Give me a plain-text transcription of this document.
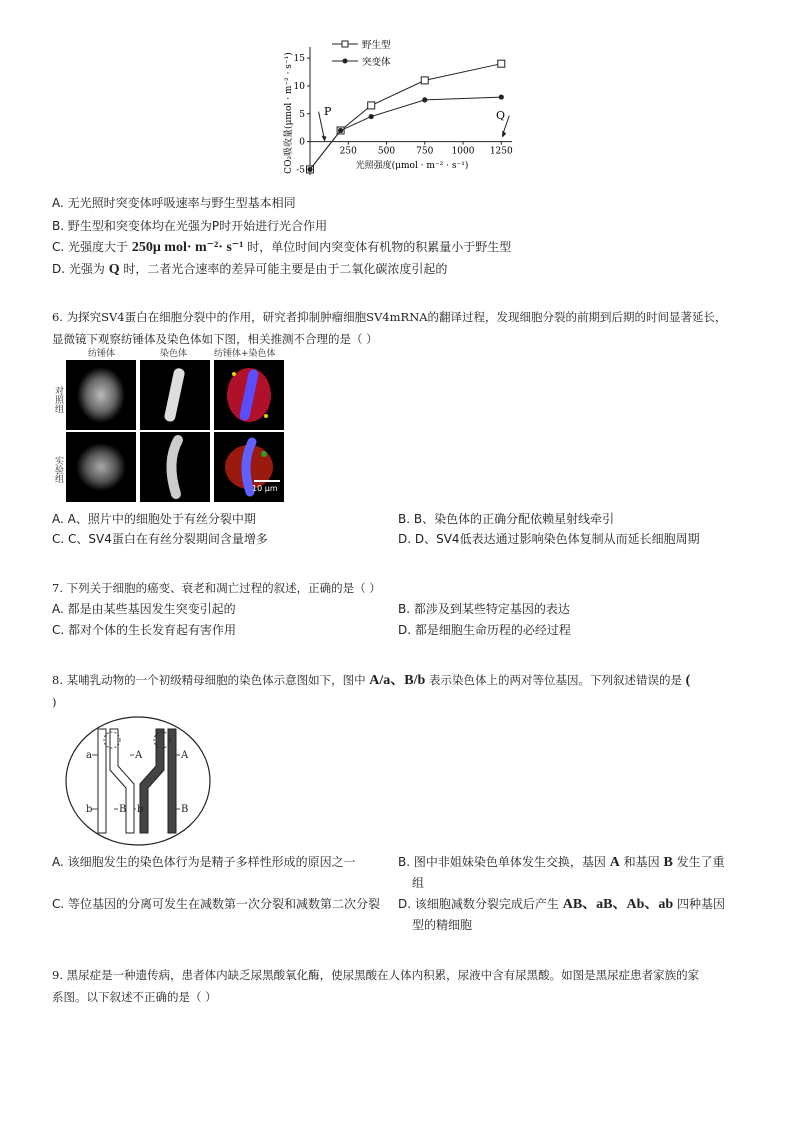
15
10
5
0
-5
250 500 750 1000 1250
CO₂吸收量(μmol · m⁻² · s⁻¹)	光照强度(μmol · m⁻² · s⁻¹)
P	Q
野生型
突变体
A. 无光照时突变体呼吸速率与野生型基本相同
B. 野生型和突变体均在光强为P时开始进行光合作用
C. 光强度大于 250μ mol· m⁻²· s⁻¹ 时，单位时间内突变体有机物的积累量小于野生型
D. 光强为 Q 时，二者光合速率的差异可能主要是由于二氧化碳浓度引起的
6. 为探究SV4蛋白在细胞分裂中的作用，研究者抑制肿瘤细胞SV4mRNA的翻译过程，发现细胞分裂的前期到后期的时间显著延长，
显微镜下观察纺锤体及染色体如下图，相关推测不合理的是（ ）
纺锤体	染色体	纺锤体+染色体
对照组
实验组
10 μm
A. A、照片中的细胞处于有丝分裂中期	B. B、染色体的正确分配依赖星射线牵引
C. C、SV4蛋白在有丝分裂期间含量增多	D. D、SV4低表达通过影响染色体复制从而延长细胞周期
7. 下列关于细胞的癌变、衰老和凋亡过程的叙述，正确的是（ ）
A. 都是由某些基因发生突变引起的	B. 都涉及到某些特定基因的表达
C. 都对个体的生长发育起有害作用	D. 都是细胞生命历程的必经过程
8. 某哺乳动物的一个初级精母细胞的染色体示意图如下，图中 A/a、B/b 表示染色体上的两对等位基因。下列叙述错误的是 (
)
a	A	A
b	B b	B
A. 该细胞发生的染色体行为是精子多样性形成的原因之一	B. 图中非姐妹染色单体发生交换，基因 A 和基因 B 发生了重
组
C. 等位基因的分离可发生在减数第一次分裂和减数第二次分裂 D. 该细胞减数分裂完成后产生 AB、aB、Ab、ab 四种基因
型的精细胞
9. 黑尿症是一种遗传病，患者体内缺乏尿黑酸氧化酶，使尿黑酸在人体内积累，尿液中含有尿黑酸。如图是黑尿症患者家族的家
系图。以下叙述不正确的是（ ）
